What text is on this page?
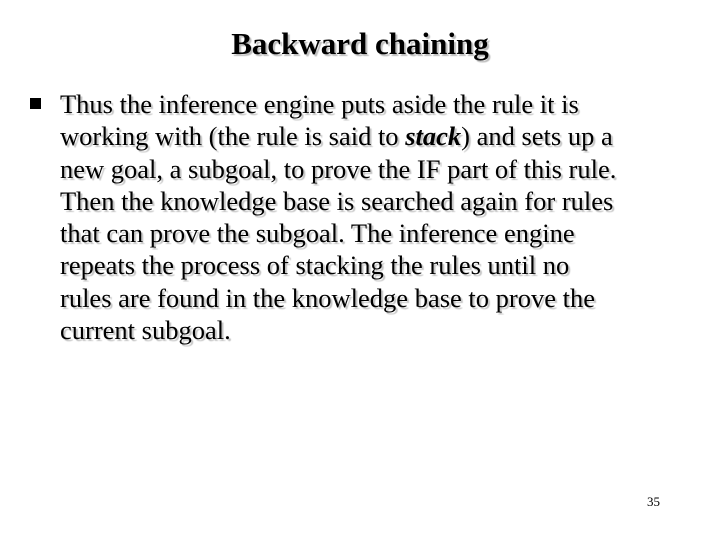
Backward chaining
Thus the inference engine puts aside the rule it is
working with (the rule is said to stack) and sets up a
new goal, a subgoal, to prove the IF part of this rule.
Then the knowledge base is searched again for rules
that can prove the subgoal. The inference engine
repeats the process of stacking the rules until no
rules are found in the knowledge base to prove the
current subgoal.
35
